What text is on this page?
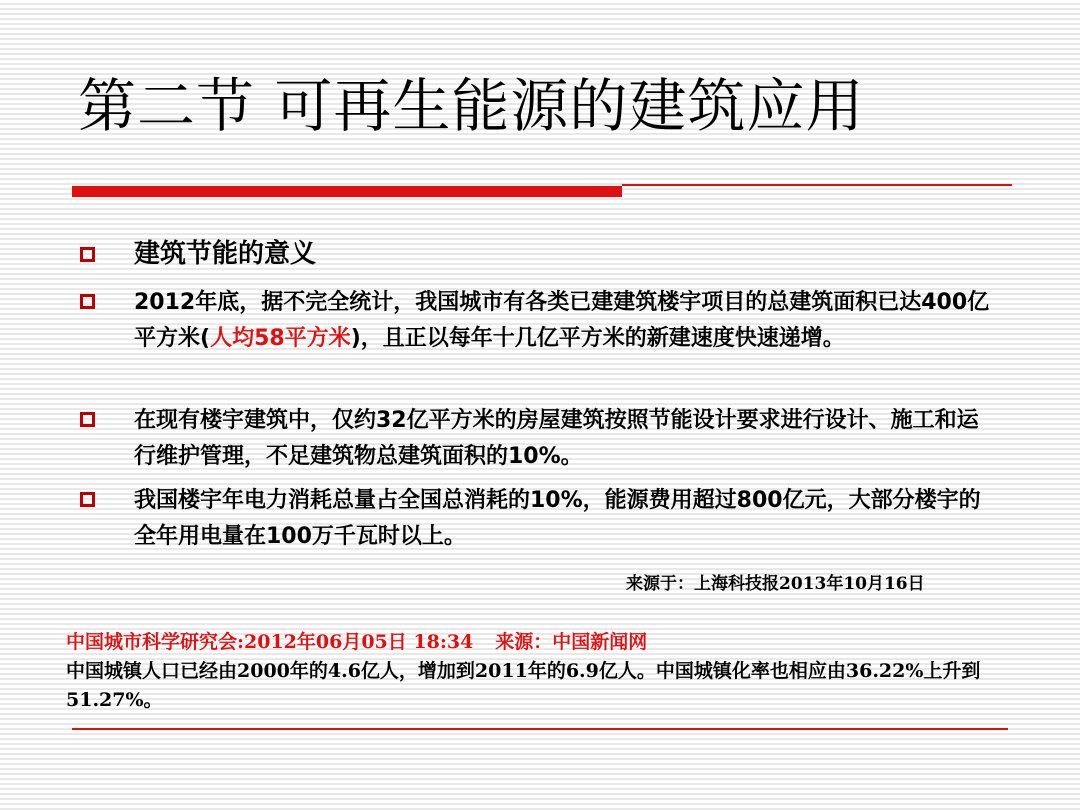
第二节 可再生能源的建筑应用
建筑节能的意义
2012年底，据不完全统计，我国城市有各类已建建筑楼宇项目的总建筑面积已达400亿平方米(人均58平方米)，且正以每年十几亿平方米的新建速度快速递增。
在现有楼宇建筑中，仅约32亿平方米的房屋建筑按照节能设计要求进行设计、施工和运行维护管理，不足建筑物总建筑面积的10%。
我国楼宇年电力消耗总量占全国总消耗的10%，能源费用超过800亿元，大部分楼宇的全年用电量在100万千瓦时以上。
来源于：上海科技报2013年10月16日
中国城市科学研究会:2012年06月05日 18:34 来源：中国新闻网
中国城镇人口已经由2000年的4.6亿人，增加到2011年的6.9亿人。中国城镇化率也相应由36.22%上升到51.27%。
